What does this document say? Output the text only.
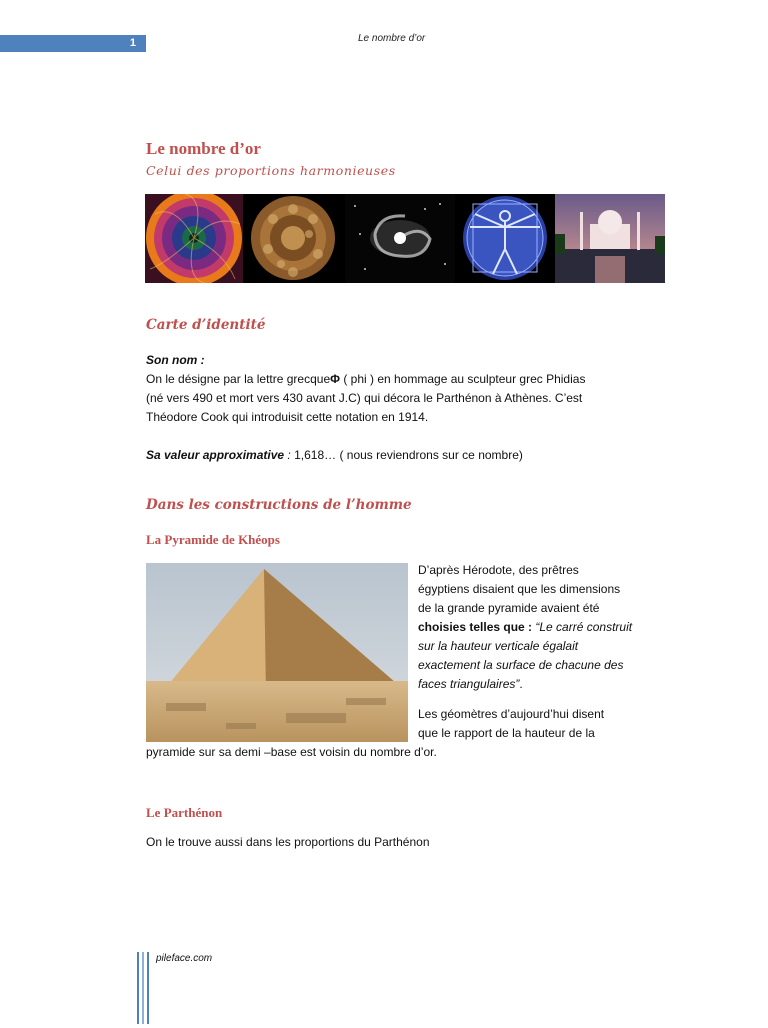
1	Le nombre d’or
Le nombre d’or
Celui des proportions harmonieuses
Carte d’identité
Son nom :
On le désigne par la lettre grecqueΦ ( phi ) en hommage au sculpteur grec Phidias
(né vers 490 et mort vers 430 avant J.C) qui décora le Parthénon à Athènes. C’est
Théodore Cook qui introduisit cette notation en 1914.
Sa valeur approximative : 1,618… ( nous reviendrons sur ce nombre)
Dans les constructions de l’homme
La Pyramide de Khéops
D’après Hérodote, des prêtres
égyptiens disaient que les dimensions
de la grande pyramide avaient été
choisies telles que : “Le carré construit
sur la hauteur verticale égalait
exactement la surface de chacune des
faces triangulaires”.
Les géomètres d’aujourd’hui disent
que le rapport de la hauteur de la
pyramide sur sa demi –base est voisin du nombre d’or.
Le Parthénon
On le trouve aussi dans les proportions du Parthénon
pileface.com
